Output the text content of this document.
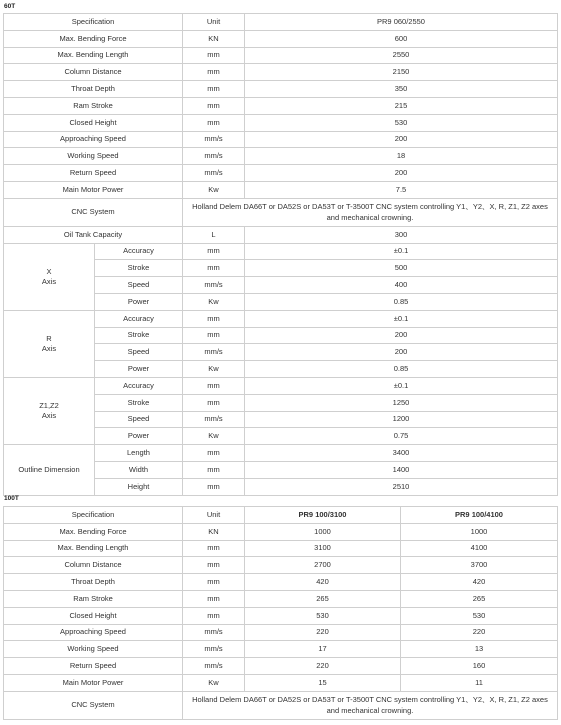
60T
Specification		Unit	PR9 060/2550
Max. Bending Force		KN	600
Max. Bending Length		mm	2550
Column Distance		mm	2150
Throat Depth		mm	350
Ram Stroke		mm	215
Closed Height		mm	530
Approaching Speed		mm/s	200
Working Speed		mm/s	18
Return Speed		mm/s	200
Main Motor Power		Kw	7.5
CNC System		Holland Delem DA66T or DA52S or DA53T or T-3500T CNC system controlling Y1、Y2、X, R, Z1, Z2 axes and mechanical crowning.	
Oil Tank Capacity		L	300

X
Axis	Accuracy	mm	±0.1
	Stroke	mm	500
	Speed	mm/s	400
	Power	Kw	0.85

R
Axis	Accuracy	mm	±0.1
	Stroke	mm	200
	Speed	mm/s	200
	Power	Kw	0.85

Z1,Z2
Axis	Accuracy	mm	±0.1
	Stroke	mm	1250
	Speed	mm/s	1200
	Power	Kw	0.75
Outline Dimension	Length	mm	3400
	Width	mm	1400
	Height	mm	2510
100T
Specification	Unit	PR9 100/3100	PR9 100/4100
Max. Bending Force	KN	1000	1000
Max. Bending Length	mm	3100	4100
Column Distance	mm	2700	3700
Throat Depth	mm	420	420
Ram Stroke	mm	265	265
Closed Height	mm	530	530
Approaching Speed	mm/s	220	220
Working Speed	mm/s	17	13
Return Speed	mm/s	220	160
Main Motor Power	Kw	15	11
CNC System	Holland Delem DA66T or DA52S or DA53T or T-3500T CNC system controlling Y1、Y2、X, R, Z1, Z2 axes and mechanical crowning.		
